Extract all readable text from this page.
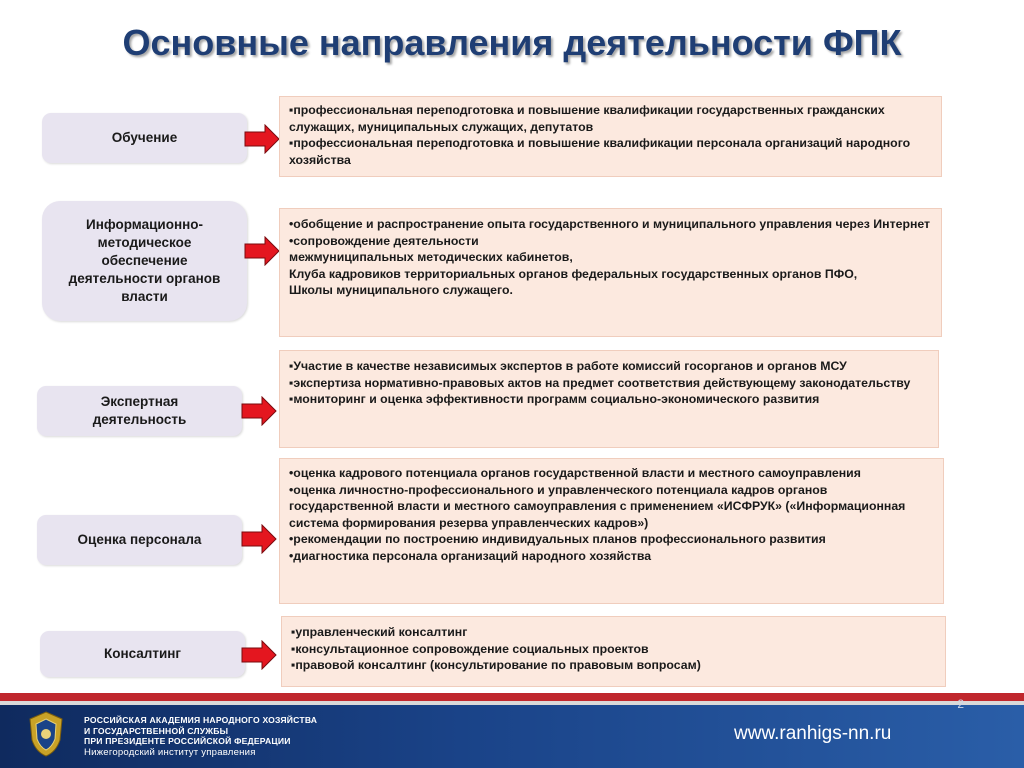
Основные направления деятельности ФПК
Обучение
▪профессиональная переподготовка и повышение квалификации государственных гражданских служащих, муниципальных служащих, депутатов
▪профессиональная переподготовка и повышение квалификации персонала организаций народного хозяйства
Информационно-методическое обеспечение деятельности органов власти
•обобщение и распространение опыта государственного и муниципального управления через Интернет
•сопровождение деятельности
межмуниципальных методических кабинетов,
Клуба кадровиков территориальных органов федеральных государственных органов ПФО,
Школы муниципального служащего.
Экспертная деятельность
▪Участие в качестве независимых экспертов в работе комиссий госорганов и органов МСУ
▪экспертиза нормативно-правовых актов на предмет соответствия действующему законодательству
▪мониторинг и оценка эффективности программ социально-экономического развития
Оценка персонала
•оценка кадрового потенциала органов государственной власти и местного самоуправления
•оценка личностно-профессионального и управленческого потенциала кадров органов государственной власти и местного самоуправления с применением «ИСФРУК» («Информационная система формирования резерва управленческих кадров»)
•рекомендации по построению индивидуальных планов профессионального развития
•диагностика персонала организаций народного хозяйства
Консалтинг
▪управленческий консалтинг
▪консультационное сопровождение социальных проектов
▪правовой консалтинг (консультирование по правовым вопросам)
2
РОССИЙСКАЯ АКАДЕМИЯ НАРОДНОГО ХОЗЯЙСТВА
И ГОСУДАРСТВЕННОЙ СЛУЖБЫ
ПРИ ПРЕЗИДЕНТЕ РОССИЙСКОЙ ФЕДЕРАЦИИ
Нижегородский институт управления
www.ranhigs-nn.ru
